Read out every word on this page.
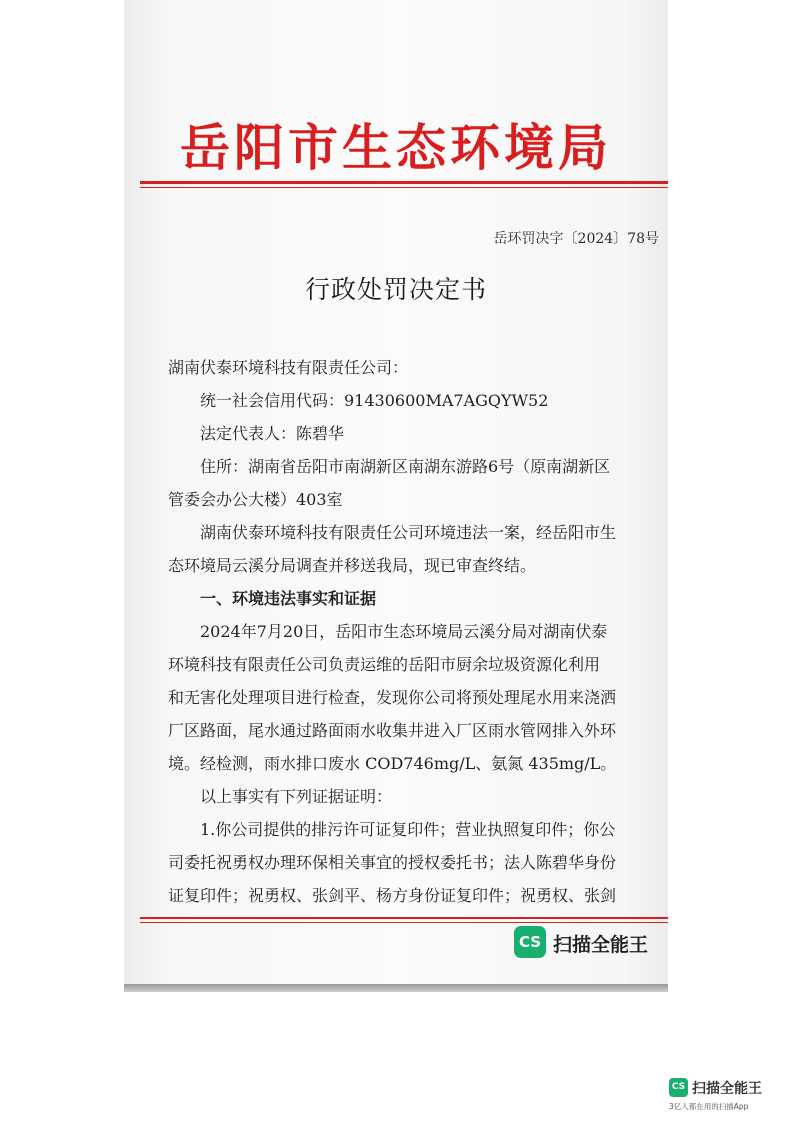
岳阳市生态环境局
岳环罚决字〔2024〕78号
行政处罚决定书
湖南伏泰环境科技有限责任公司：
统一社会信用代码：91430600MA7AGQYW52
法定代表人：陈碧华
住所：湖南省岳阳市南湖新区南湖东游路6号（原南湖新区
管委会办公大楼）403室
湖南伏泰环境科技有限责任公司环境违法一案，经岳阳市生
态环境局云溪分局调查并移送我局，现已审查终结。
一、环境违法事实和证据
2024年7月20日，岳阳市生态环境局云溪分局对湖南伏泰
环境科技有限责任公司负责运维的岳阳市厨余垃圾资源化利用
和无害化处理项目进行检查，发现你公司将预处理尾水用来浇洒
厂区路面，尾水通过路面雨水收集井进入厂区雨水管网排入外环
境。经检测，雨水排口废水 COD746mg/L、氨氮 435mg/L。
以上事实有下列证据证明：
1.你公司提供的排污许可证复印件；营业执照复印件；你公
司委托祝勇权办理环保相关事宜的授权委托书；法人陈碧华身份
证复印件；祝勇权、张剑平、杨方身份证复印件；祝勇权、张剑
CS 扫描全能王
CS 扫描全能王
3亿人都在用的扫描App
